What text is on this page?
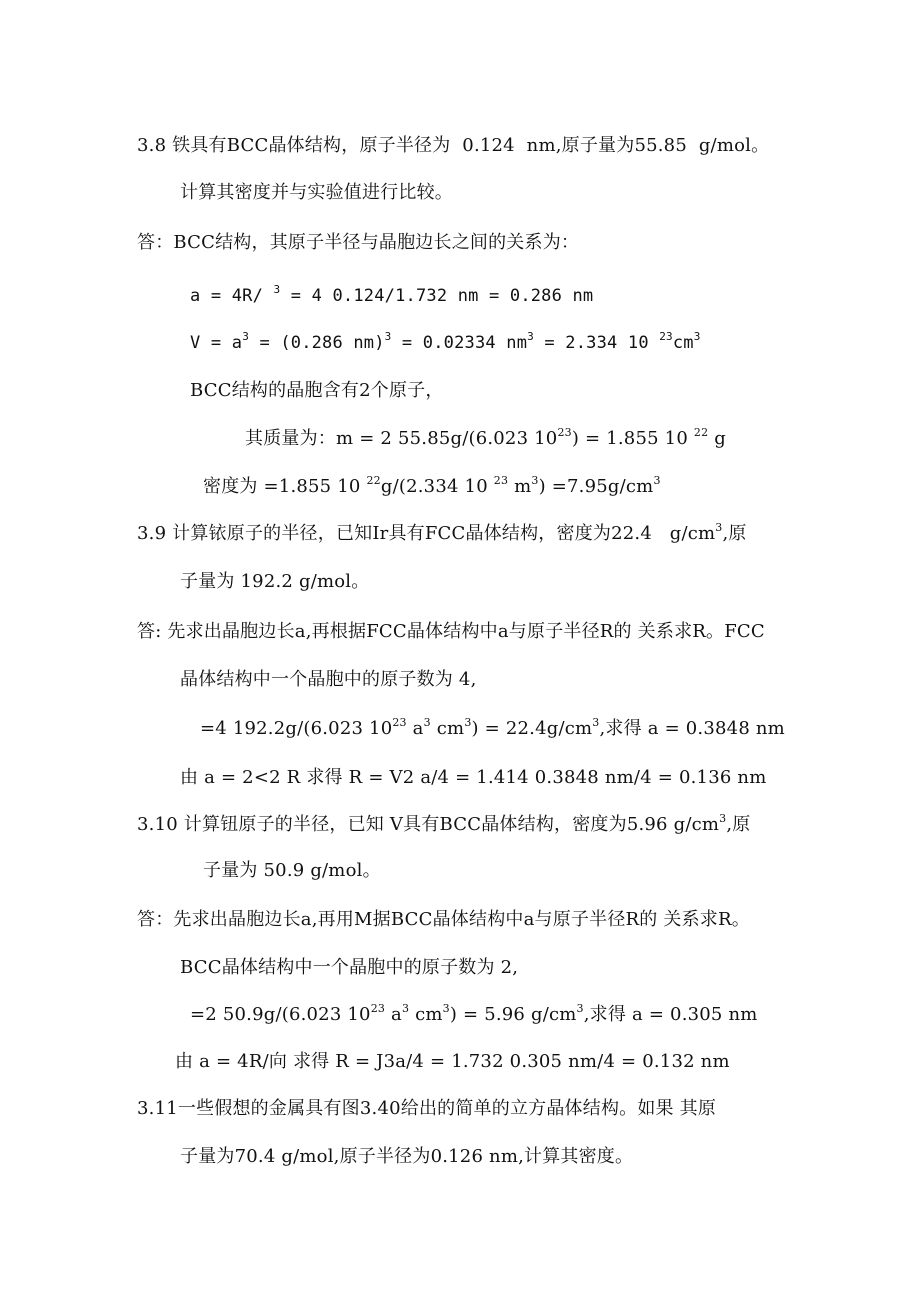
3.8 铁具有BCC晶体结构，原子半径为  0.124  nm,原子量为55.85  g/mol。
计算其密度并与实验值进行比较。
答：BCC结构，其原子半径与晶胞边长之间的关系为：
a = 4R/ $^3$ = 4 0.124/1.732 nm = 0.286 nm
$V = a^3 = (0.286$ nm)$^3$ = 0.02334 $nm^3 = 2.334$ 10 $^{23}cm^3$
BCC结构的晶胞含有2个原子，
其质量为：m = 2 55.85g/(6.023 $10^{23}) = 1.855$ 10 $^{22}$ g
密度为 =1.855 10 $^{22}$g/(2.334 10 $^{23}$ $m^3) =7.95g/cm^3$
3.9 计算铱原子的半径，已知Ir具有FCC晶体结构，密度为22.4   $g/cm^3$,原
子量为 192.2 g/mol。
答: 先求出晶胞边长a,再根据FCC晶体结构中a与原子半径R的 关系求R。FCC
晶体结构中一个晶胞中的原子数为 4,
=4 192.2g/(6.023 $10^{23}$ $a^3$ $cm^3) = 22.4g/cm^3$,求得 a = 0.3848 nm
由 a = 2<2 R 求得 R = V2 a/4 = 1.414 0.3848 nm/4 = 0.136 nm
3.10 计算钮原子的半径，已知 V具有BCC晶体结构，密度为5.96 $g/cm^3$,原
子量为 50.9 g/mol。
答：先求出晶胞边长a,再用M据BCC晶体结构中a与原子半径R的 关系求R。
BCC晶体结构中一个晶胞中的原子数为 2,
=2 50.9g/(6.023 $10^{23}$ $a^3$ $cm^3) = 5.96$ $g/cm^3$,求得 a = 0.305 nm
由 a = 4R/向 求得 R = J3a/4 = 1.732 0.305 nm/4 = 0.132 nm
3.11一些假想的金属具有图3.40给出的简单的立方晶体结构。如果 其原
子量为70.4 g/mol,原子半径为0.126 nm,计算其密度。
